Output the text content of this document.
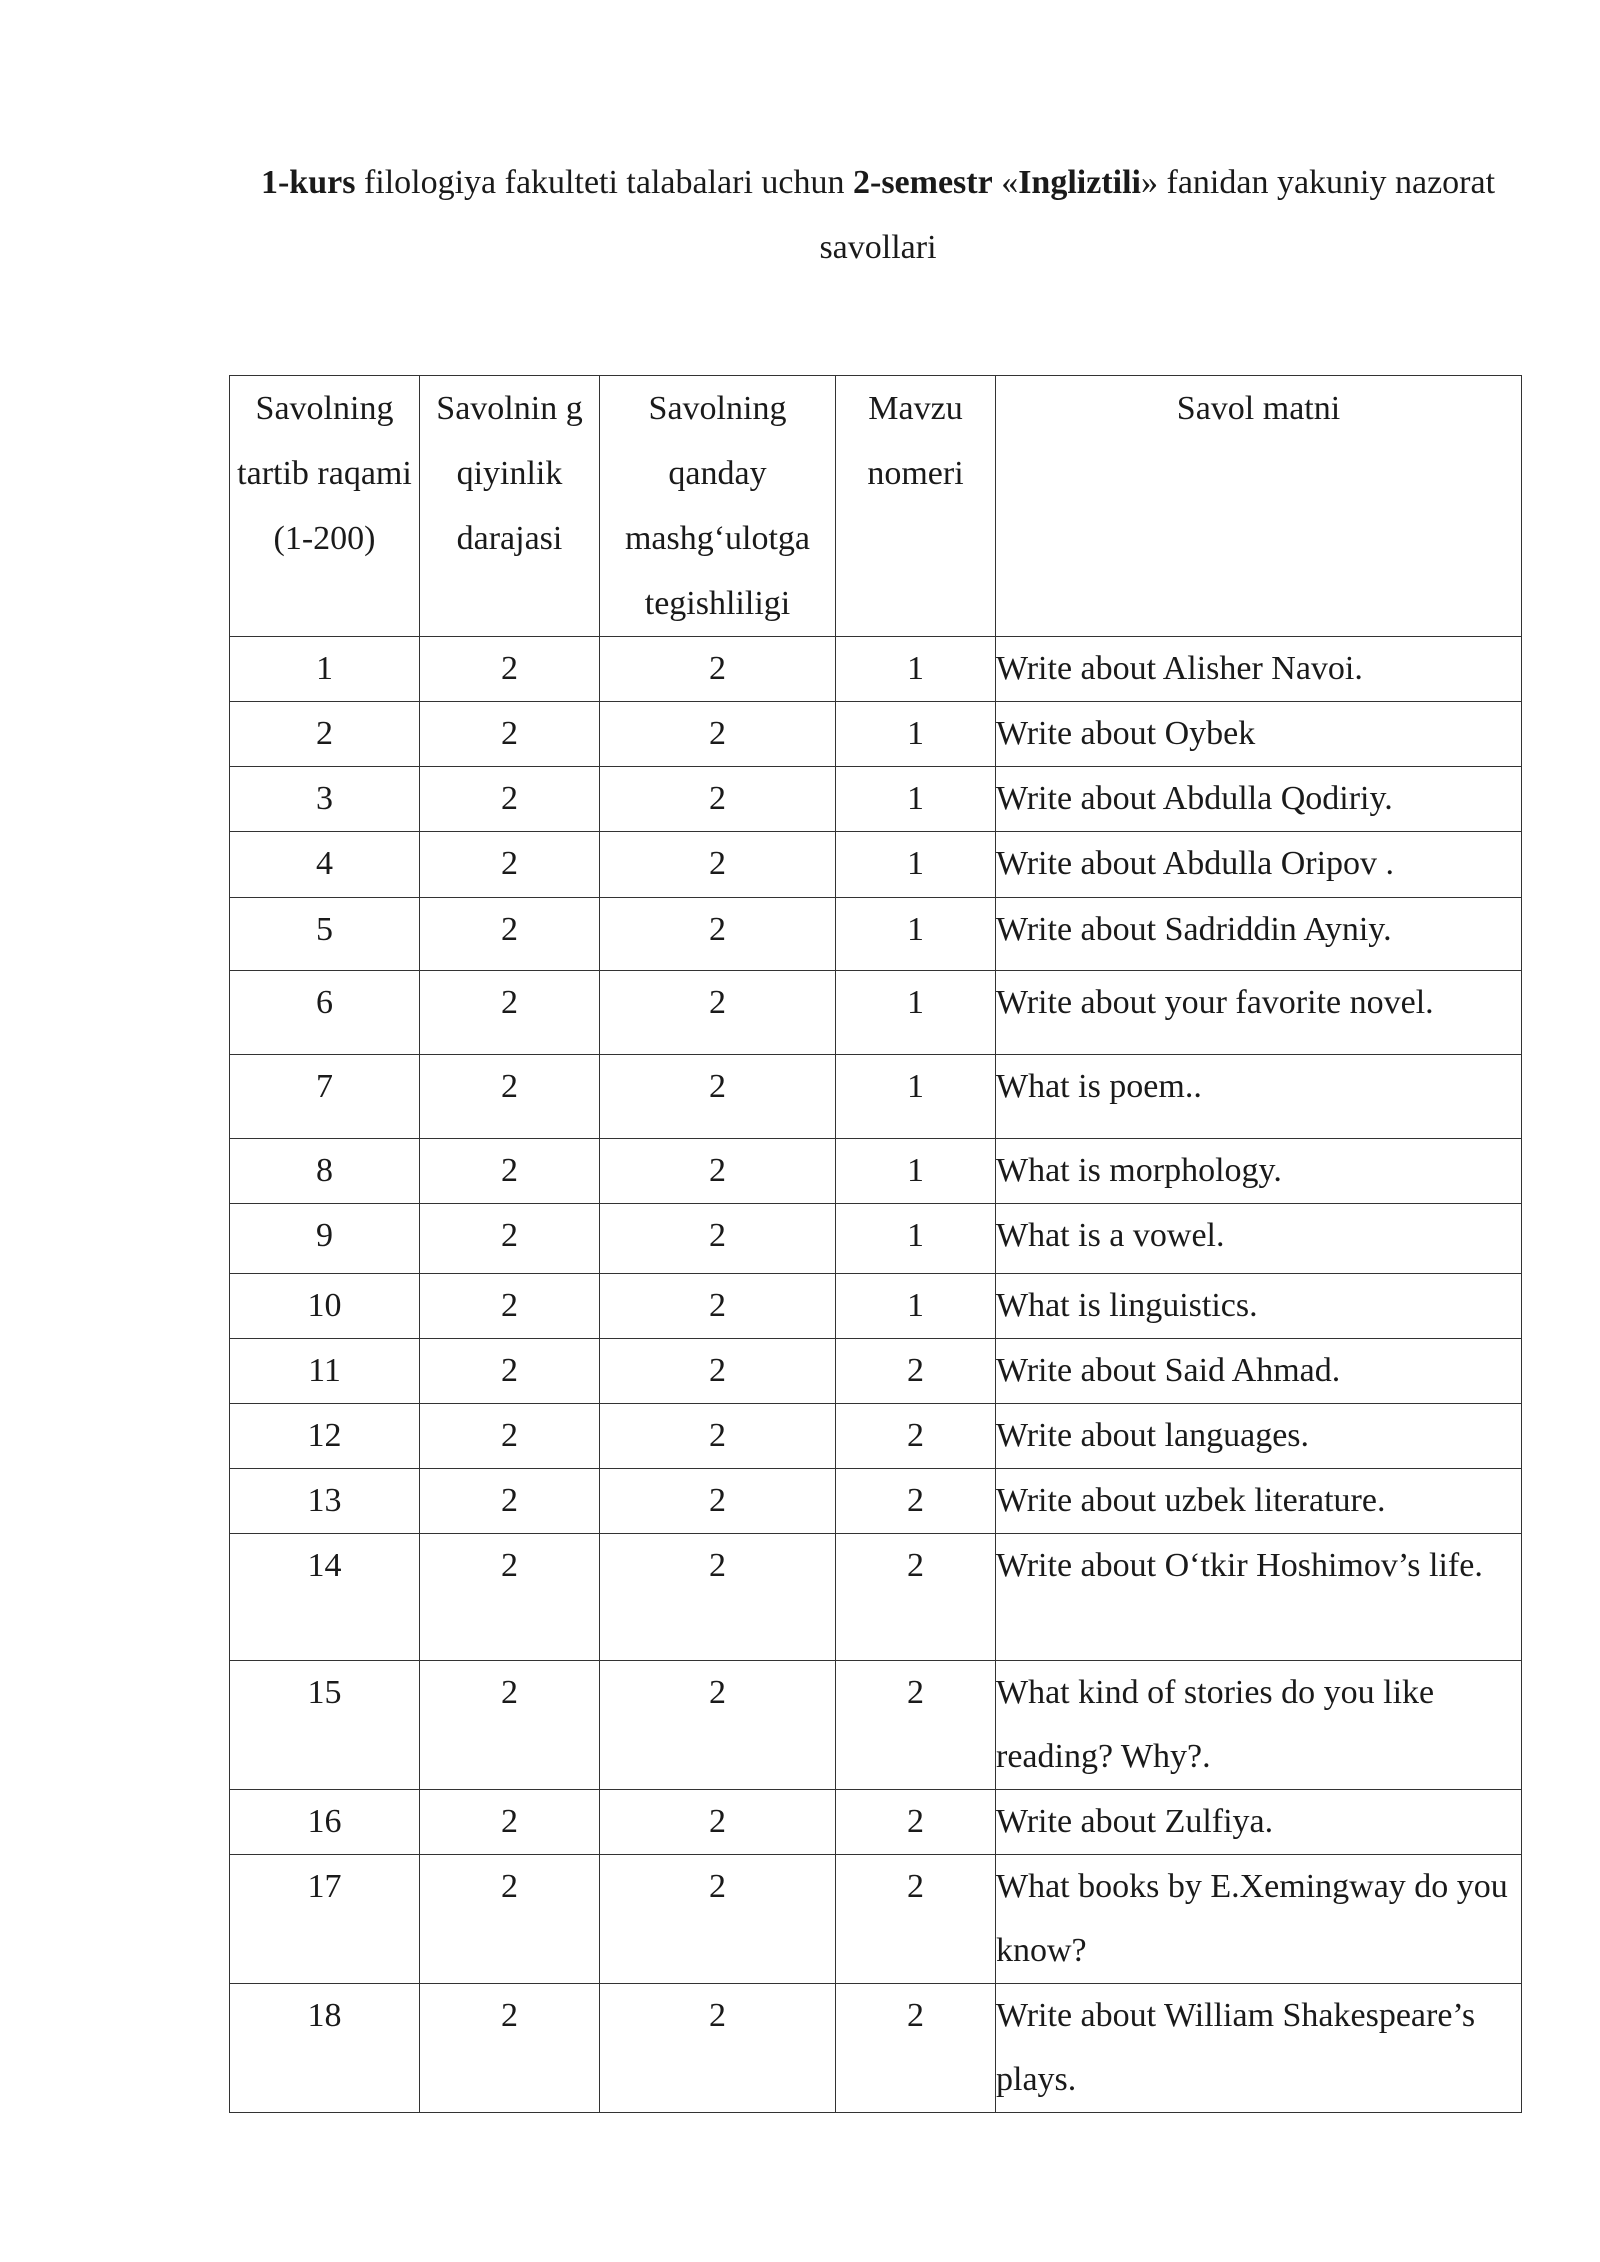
1-kurs filologiya fakulteti talabalari uchun 2-semestr «Ingliztili» fanidan yakuniy nazorat savollari
Savolning tartib raqami (1-200)	Savolnin g qiyinlik darajasi	Savolning qanday mashg‘ulotga tegishliligi	Mavzu nomeri	Savol matni

1	2	2	1	Write about Alisher Navoi.

2	2	2	1	Write about Oybek

3	2	2	1	Write about Abdulla Qodiriy.

4	2	2	1	Write about Abdulla Oripov .

5	2	2	1	Write about Sadriddin Ayniy.

6	2	2	1	Write about your favorite novel.

7	2	2	1	What is poem..

8	2	2	1	What is morphology.

9	2	2	1	What is a vowel.

10	2	2	1	What is linguistics.

11	2	2	2	Write about Said Ahmad.

12	2	2	2	Write about languages.

13	2	2	2	Write about uzbek literature.

14	2	2	2	Write about O‘tkir Hoshimov’s life.

15	2	2	2	What kind of stories do you like reading? Why?.

16	2	2	2	Write about Zulfiya.

17	2	2	2	What books by E.Xemingway do you know?

18	2	2	2	Write about William Shakespeare’s plays.
